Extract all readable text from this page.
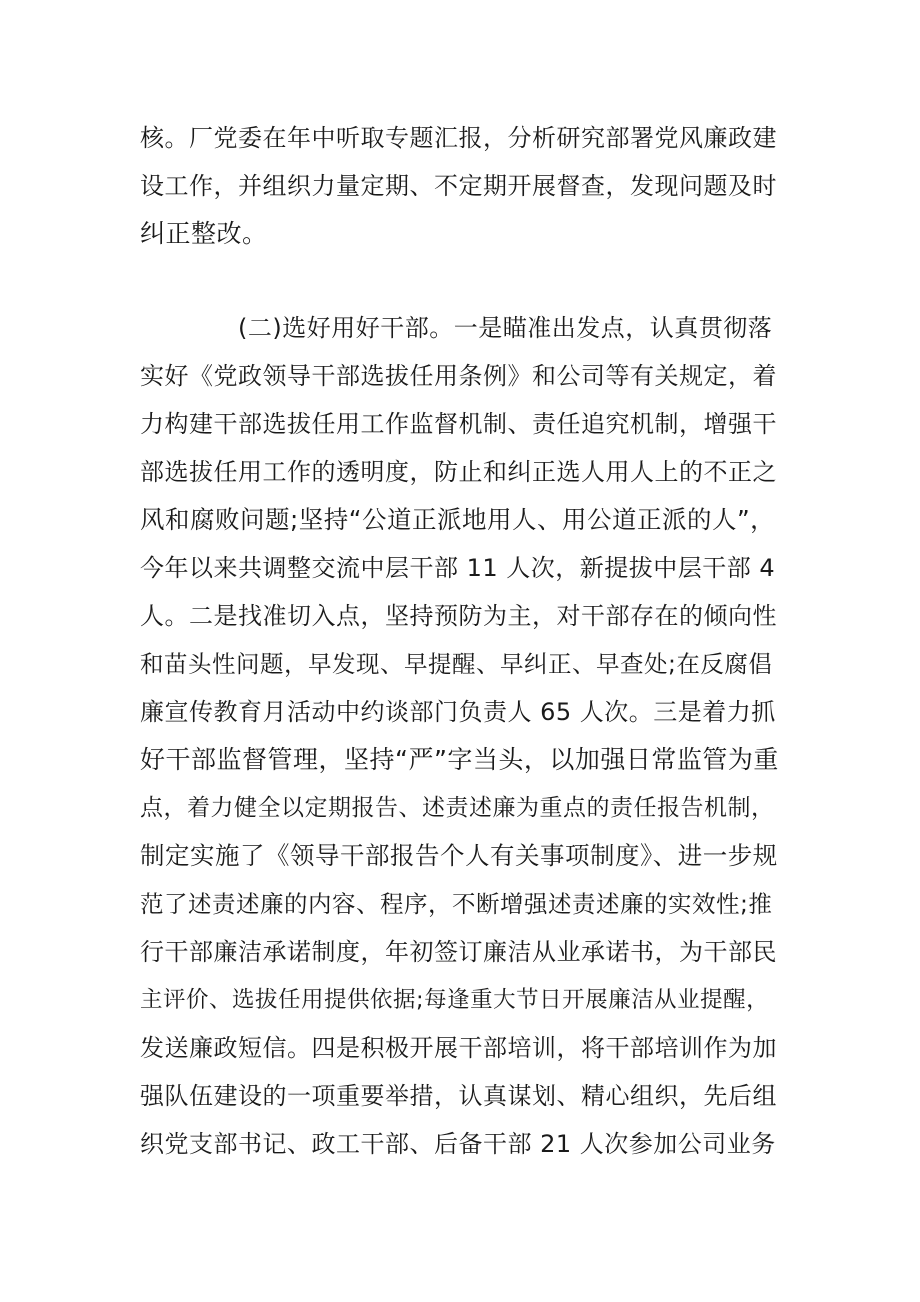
核。厂党委在年中听取专题汇报，分析研究部署党风廉政建
设工作，并组织力量定期、不定期开展督查，发现问题及时
纠正整改。
(二)选好用好干部。一是瞄准出发点，认真贯彻落
实好《党政领导干部选拔任用条例》和公司等有关规定，着
力构建干部选拔任用工作监督机制、责任追究机制，增强干
部选拔任用工作的透明度，防止和纠正选人用人上的不正之
风和腐败问题;坚持“公道正派地用人、用公道正派的人”，
今年以来共调整交流中层干部 11 人次，新提拔中层干部 4
人。二是找准切入点，坚持预防为主，对干部存在的倾向性
和苗头性问题，早发现、早提醒、早纠正、早查处;在反腐倡
廉宣传教育月活动中约谈部门负责人 65 人次。三是着力抓
好干部监督管理，坚持“严”字当头，以加强日常监管为重
点，着力健全以定期报告、述责述廉为重点的责任报告机制，
制定实施了《领导干部报告个人有关事项制度》、进一步规
范了述责述廉的内容、程序，不断增强述责述廉的实效性;推
行干部廉洁承诺制度，年初签订廉洁从业承诺书，为干部民
主评价、选拔任用提供依据;每逢重大节日开展廉洁从业提醒，
发送廉政短信。四是积极开展干部培训，将干部培训作为加
强队伍建设的一项重要举措，认真谋划、精心组织，先后组
织党支部书记、政工干部、后备干部 21 人次参加公司业务
